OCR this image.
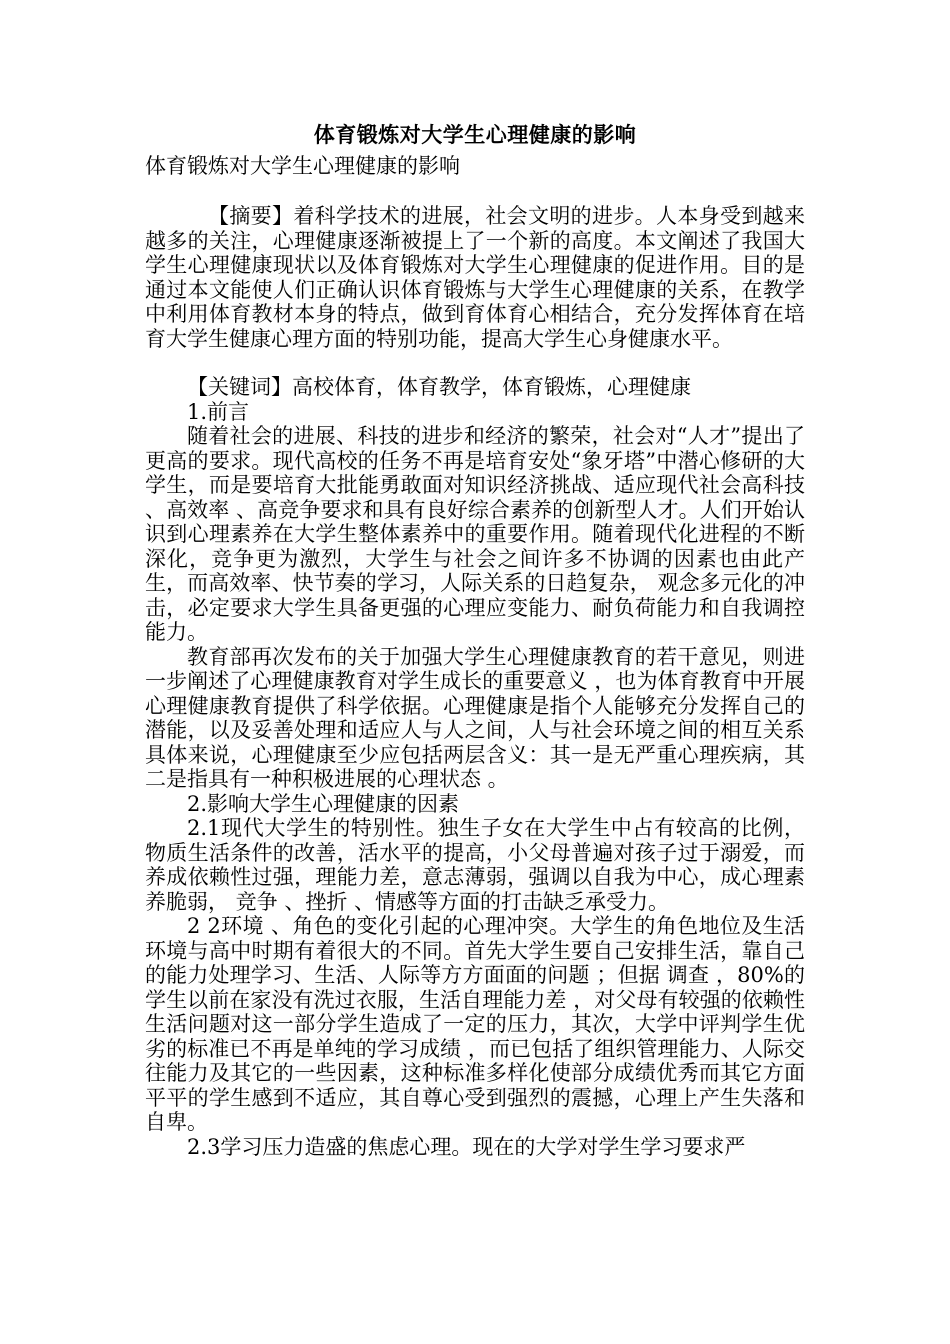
体育锻炼对大学生心理健康的影响
体育锻炼对大学生心理健康的影响

【摘要】着科学技术的进展，社会文明的进步。人本身受到越来越多的关注，心理健康逐渐被提上了一个新的高度。本文阐述了我国大学生心理健康现状以及体育锻炼对大学生心理健康的促进作用。目的是通过本文能使人们正确认识体育锻炼与大学生心理健康的关系，在教学中利用体育教材本身的特点，做到育体育心相结合，充分发挥体育在培育大学生健康心理方面的特别功能，提高大学生心身健康水平。

【关键词】高校体育，体育教学，体育锻炼，心理健康

1.前言

随着社会的进展、科技的进步和经济的繁荣，社会对“人才”提出了更高的要求。现代高校的任务不再是培育安处“象牙塔”中潜心修研的大学生，而是要培育大批能勇敢面对知识经济挑战、适应现代社会高科技 、高效率 、高竞争要求和具有良好综合素养的创新型人才。人们开始认识到心理素养在大学生整体素养中的重要作用。随着现代化进程的不断深化，竞争更为激烈，大学生与社会之间许多不协调的因素也由此产生，而高效率、快节奏的学习，人际关系的日趋复杂， 观念多元化的冲击，必定要求大学生具备更强的心理应变能力、耐负荷能力和自我调控能力。

教育部再次发布的关于加强大学生心理健康教育的若干意见，则进一步阐述了心理健康教育对学生成长的重要意义 ，也为体育教育中开展心理健康教育提供了科学依据。心理健康是指个人能够充分发挥自己的潜能，以及妥善处理和适应人与人之间，人与社会环境之间的相互关系具体来说，心理健康至少应包括两层含义：其一是无严重心理疾病，其二是指具有一种积极进展的心理状态 。

2.影响大学生心理健康的因素

2.1现代大学生的特别性。独生子女在大学生中占有较高的比例，物质生活条件的改善，活水平的提高，小父母普遍对孩子过于溺爱，而养成依赖性过强，理能力差，意志薄弱，强调以自我为中心，成心理素养脆弱， 竞争 、挫折 、情感等方面的打击缺乏承受力。

2 2环境 、角色的变化引起的心理冲突。大学生的角色地位及生活环境与高中时期有着很大的不同。首先大学生要自己安排生活，靠自己的能力处理学习、生活、人际等方方面面的问题 ；但据 调查 ，80%的学生以前在家没有洗过衣服，生活自理能力差 ，对父母有较强的依赖性生活问题对这一部分学生造成了一定的压力，其次，大学中评判学生优 劣的标准已不再是单纯的学习成绩 ，而已包括了组织管理能力、人际交往能力及其它的一些因素，这种标准多样化使部分成绩优秀而其它方面平平的学生感到不适应，其自尊心受到强烈的震撼，心理上产生失落和自卑。

2.3学习压力造盛的焦虑心理。现在的大学对学生学习要求严
